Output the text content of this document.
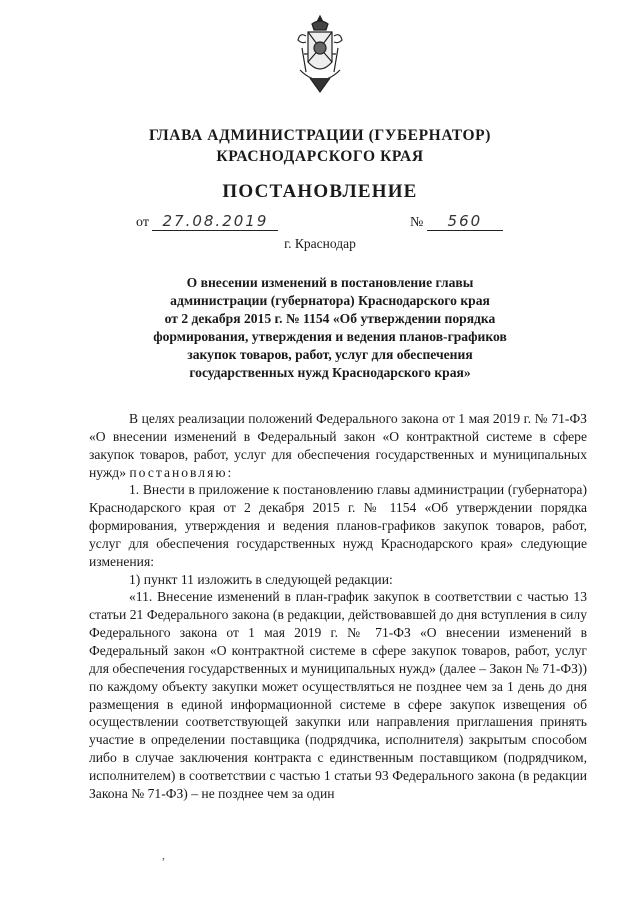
ГЛАВА АДМИНИСТРАЦИИ (ГУБЕРНАТОР)
КРАСНОДАРСКОГО КРАЯ
ПОСТАНОВЛЕНИЕ
от 27.08.2019	№ 560
г. Краснодар
О внесении изменений в постановление главы
администрации (губернатора) Краснодарского края
от 2 декабря 2015 г. № 1154 «Об утверждении порядка
формирования, утверждения и ведения планов-графиков
закупок товаров, работ, услуг для обеспечения
государственных нужд Краснодарского края»

В целях реализации положений Федерального закона от 1 мая 2019 г. № 71-ФЗ «О внесении изменений в Федеральный закон «О контрактной системе в сфере закупок товаров, работ, услуг для обеспечения государственных и муниципальных нужд» постановляю:

1. Внести в приложение к постановлению главы администрации (губернатора) Краснодарского края от 2 декабря 2015 г. № 1154 «Об утверждении порядка формирования, утверждения и ведения планов-графиков закупок товаров, работ, услуг для обеспечения государственных нужд Краснодарского края» следующие изменения:

1) пункт 11 изложить в следующей редакции:

«11. Внесение изменений в план-график закупок в соответствии с частью 13 статьи 21 Федерального закона (в редакции, действовавшей до дня вступления в силу Федерального закона от 1 мая 2019 г. № 71-ФЗ «О внесении изменений в Федеральный закон «О контрактной системе в сфере закупок товаров, работ, услуг для обеспечения государственных и муниципальных нужд» (далее – Закон № 71-ФЗ)) по каждому объекту закупки может осуществляться не позднее чем за 1 день до дня размещения в единой информационной системе в сфере закупок извещения об осуществлении соответствующей закупки или направления приглашения принять участие в определении поставщика (подрядчика, исполнителя) закрытым способом либо в случае заключения контракта с единственным поставщиком (подрядчиком, исполнителем) в соответствии с частью 1 статьи 93 Федерального закона (в редакции Закона № 71-ФЗ) – не позднее чем за один

,
